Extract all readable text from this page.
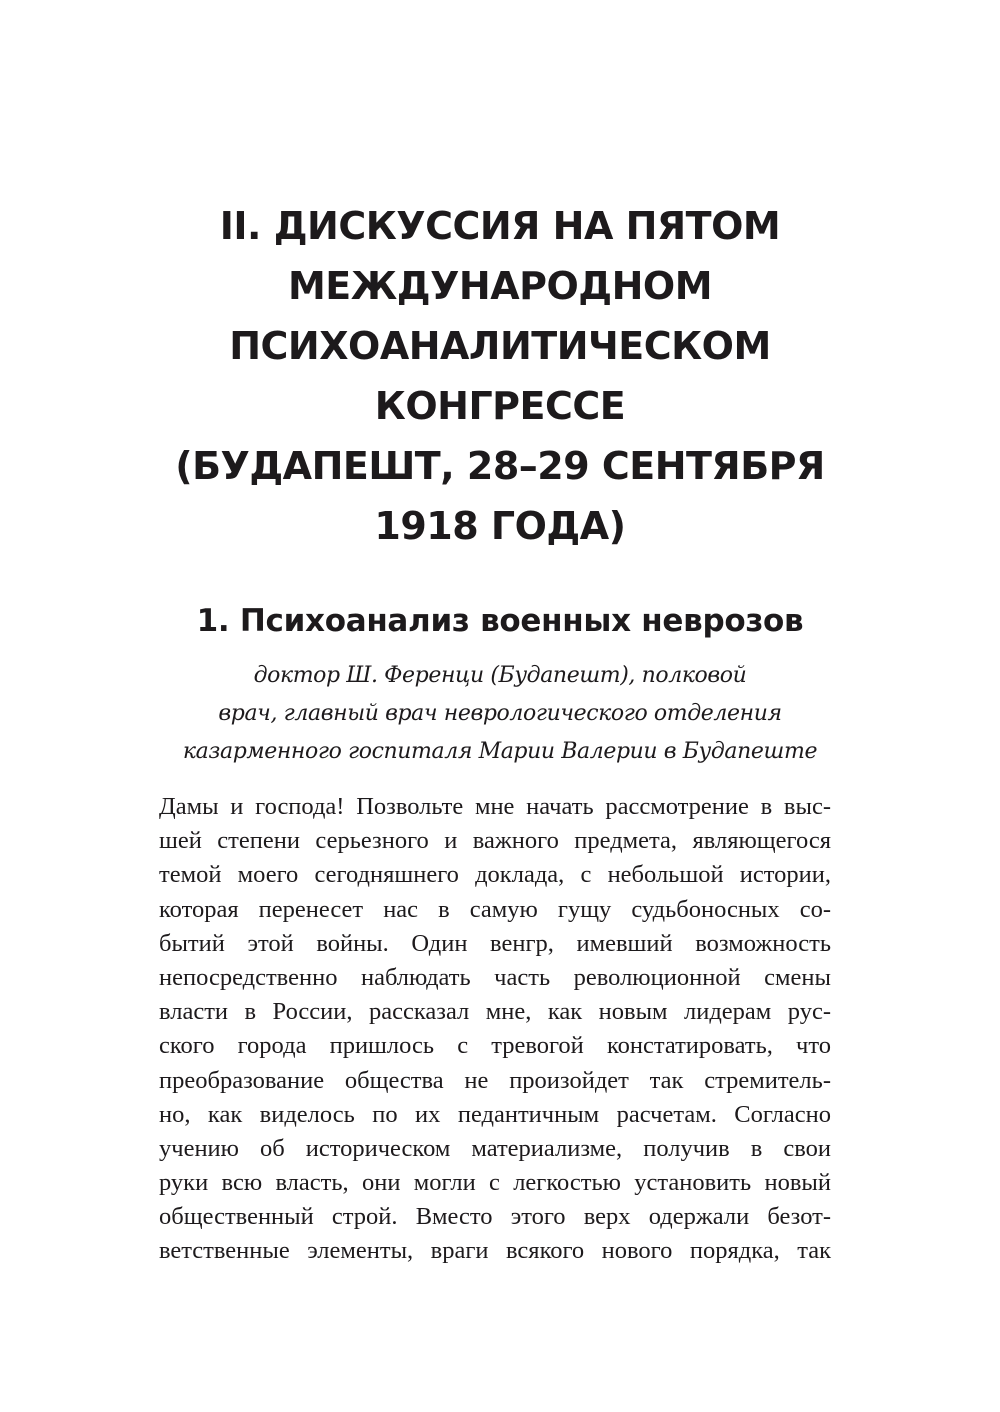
II. ДИСКУССИЯ НА ПЯТОМ
МЕЖДУНАРОДНОМ
ПСИХОАНАЛИТИЧЕСКОМ
КОНГРЕССЕ
(БУДАПЕШТ, 28–29 СЕНТЯБРЯ
1918 ГОДА)
1. Психоанализ военных неврозов

доктор Ш. Ференци (Будапешт), полковой
врач, главный врач неврологического отделения
казарменного госпиталя Марии Валерии в Будапеште

Дамы и господа! Позвольте мне начать рассмотрение в выс-
шей степени серьезного и важного предмета, являющегося
темой моего сегодняшнего доклада, с небольшой истории,
которая перенесет нас в самую гущу судьбоносных со-
бытий этой войны. Один венгр, имевший возможность
непосредственно наблюдать часть революционной смены
власти в России, рассказал мне, как новым лидерам рус-
ского города пришлось с тревогой констатировать, что
преобразование общества не произойдет так стремитель-
но, как виделось по их педантичным расчетам. Согласно
учению об историческом материализме, получив в свои
руки всю власть, они могли с легкостью установить новый
общественный строй. Вместо этого верх одержали безот-
ветственные элементы, враги всякого нового порядка, так
